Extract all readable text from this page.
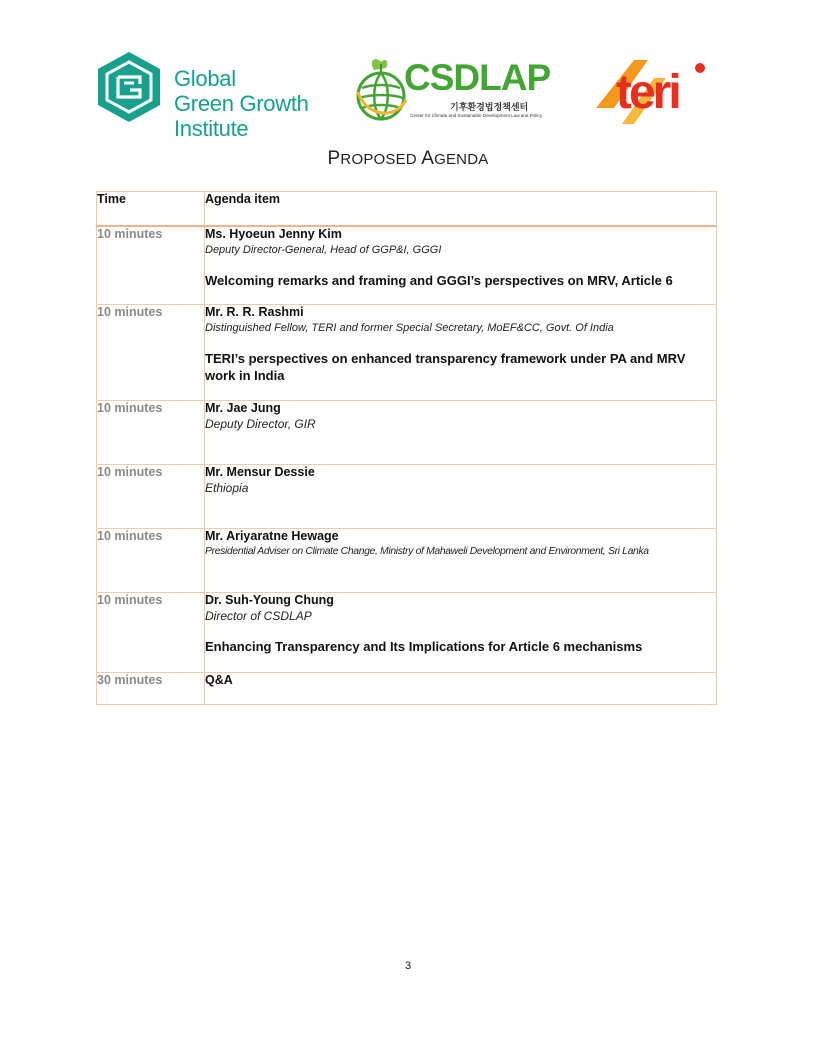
Global
Green Growth
Institute
CSDLAP
기후환경법정책센터
Center for Climate and Sustainable Development Law and Policy teri
PROPOSED AGENDA
Time	Agenda item
10 minutes	Ms. Hyoeun Jenny Kim
Deputy Director-General, Head of GGP&I, GGGI
Welcoming remarks and framing and GGGI’s perspectives on MRV, Article 6

10 minutes	Mr. R. R. Rashmi
Distinguished Fellow, TERI and former Special Secretary, MoEF&CC, Govt. Of India
TERI’s perspectives on enhanced transparency framework under PA and MRV work in India

10 minutes	Mr. Jae Jung
Deputy Director, GIR

10 minutes	Mr. Mensur Dessie
Ethiopia

10 minutes	Mr. Ariyaratne Hewage
Presidential Adviser on Climate Change, Ministry of Mahaweli Development and Environment, Sri Lanka

10 minutes	Dr. Suh-Young Chung
Director of CSDLAP
Enhancing Transparency and Its Implications for Article 6 mechanisms

30 minutes	Q&A
3
